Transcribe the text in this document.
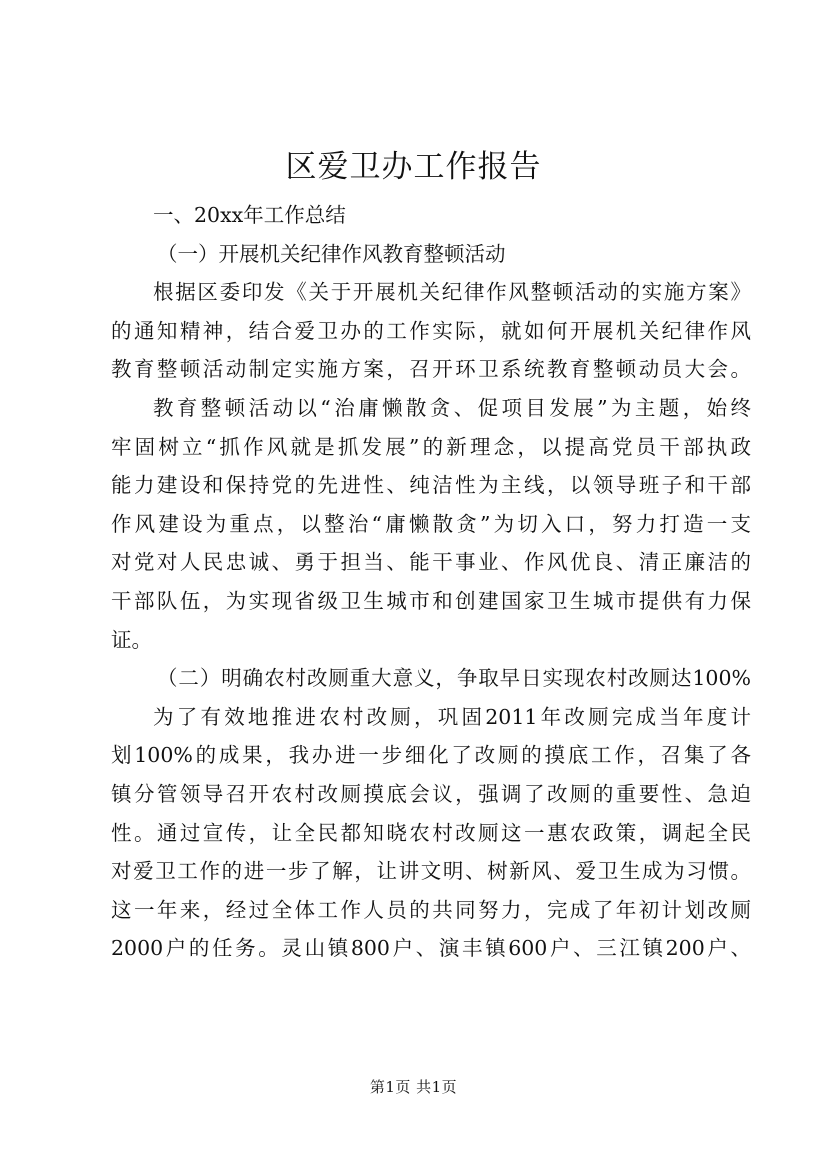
区爱卫办工作报告
一、20xx年工作总结
（一）开展机关纪律作风教育整顿活动
根据区委印发《关于开展机关纪律作风整顿活动的实施方案》
的通知精神，结合爱卫办的工作实际，就如何开展机关纪律作风
教育整顿活动制定实施方案，召开环卫系统教育整顿动员大会。
教育整顿活动以“治庸懒散贪、促项目发展”为主题，始终
牢固树立“抓作风就是抓发展”的新理念，以提高党员干部执政
能力建设和保持党的先进性、纯洁性为主线，以领导班子和干部
作风建设为重点，以整治“庸懒散贪”为切入口，努力打造一支
对党对人民忠诚、勇于担当、能干事业、作风优良、清正廉洁的
干部队伍，为实现省级卫生城市和创建国家卫生城市提供有力保
证。
（二）明确农村改厕重大意义，争取早日实现农村改厕达100%
为了有效地推进农村改厕，巩固2011年改厕完成当年度计
划100%的成果，我办进一步细化了改厕的摸底工作，召集了各
镇分管领导召开农村改厕摸底会议，强调了改厕的重要性、急迫
性。通过宣传，让全民都知晓农村改厕这一惠农政策，调起全民
对爱卫工作的进一步了解，让讲文明、树新风、爱卫生成为习惯。
这一年来，经过全体工作人员的共同努力，完成了年初计划改厕
2000户的任务。灵山镇800户、演丰镇600户、三江镇200户、
第1页 共1页
